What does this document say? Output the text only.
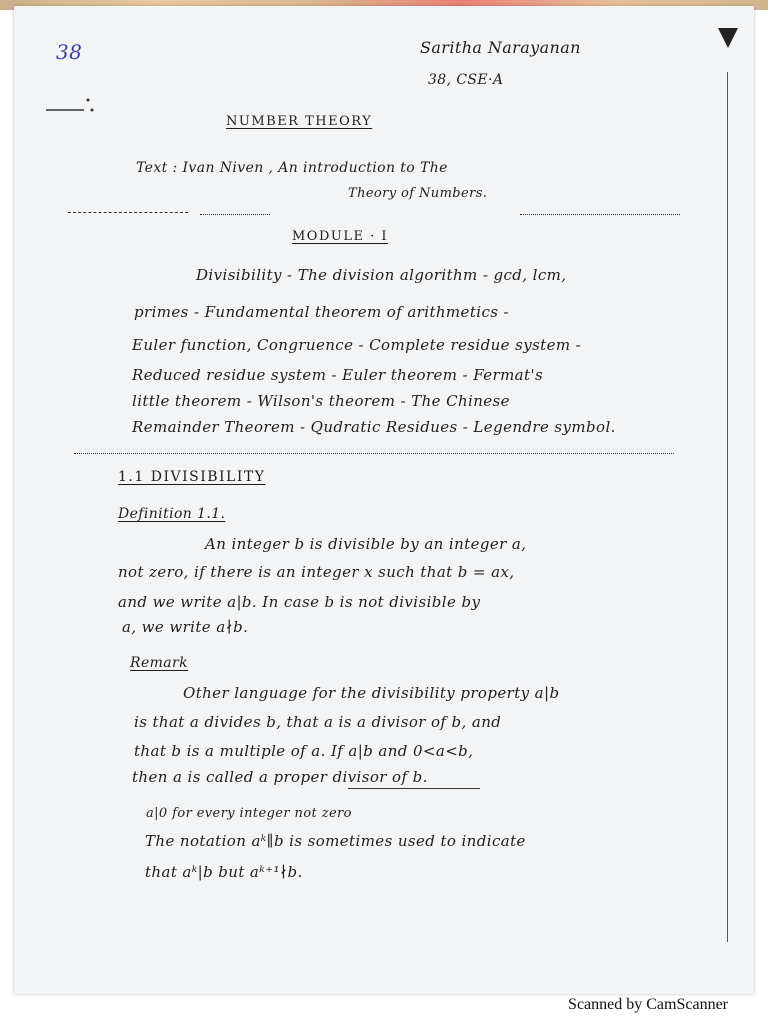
38	Saritha Narayanan
38, CSE·A
NUMBER THEORY
Text : Ivan Niven , An introduction to The
Theory of Numbers.
MODULE · I
Divisibility - The division algorithm - gcd, lcm,
primes - Fundamental theorem of arithmetics -
Euler function, Congruence - Complete residue system -
Reduced residue system - Euler theorem - Fermat's
little theorem - Wilson's theorem - The Chinese
Remainder Theorem - Qudratic Residues - Legendre symbol.
1.1 DIVISIBILITY
Definition 1.1.
An integer b is divisible by an integer a,
not zero, if there is an integer x such that b = ax,
and we write a|b. In case b is not divisible by
a, we write a∤b.
Remark
Other language for the divisibility property a|b
is that a divides b, that a is a divisor of b, and
that b is a multiple of a. If a|b and 0<a<b,
then a is called a proper divisor of b.
a|0 for every integer not zero
The notation aᵏ∥b is sometimes used to indicate
that aᵏ|b but aᵏ⁺¹∤b.
Scanned by CamScanner
